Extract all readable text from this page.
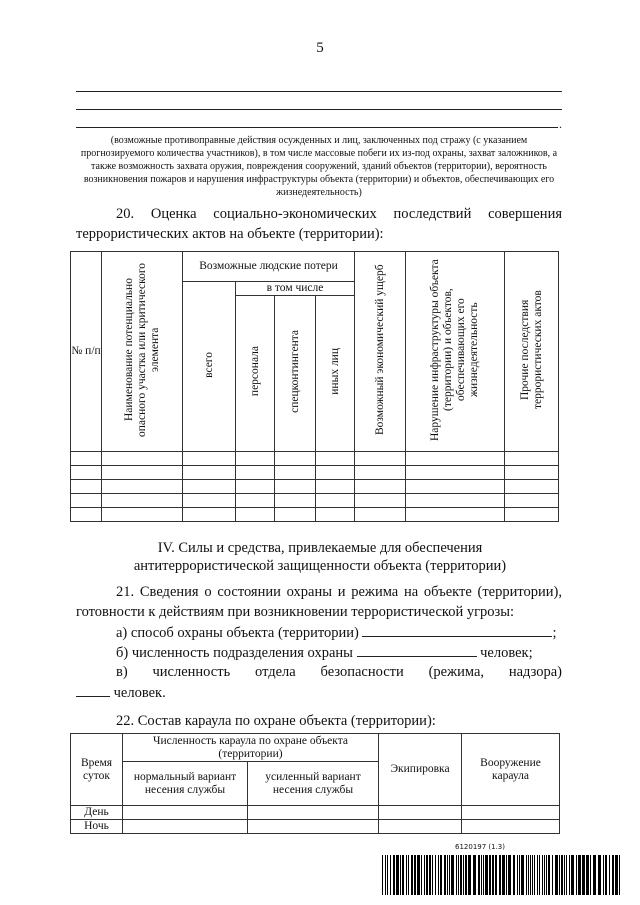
5
.
(возможные противоправные действия осужденных и лиц, заключенных под стражу (с указанием прогнозируемого количества участников), в том числе массовые побеги их из-под охраны, захват заложников, а также возможность захвата оружия, повреждения сооружений, зданий объектов (территории), вероятность возникновения пожаров и нарушения инфраструктуры объекта (территории) и объектов, обеспечивающих его жизнедеятельность)
20. Оценка социально-экономических последствий совершения
террористических актов на объекте (территории):
№ п/п	Наименование потенциально опасного участка или критического элемента	Возможные людские потери				Возможный экономический ущерб	Нарушение инфраструктуры объекта (территории) и объектов, обеспечивающих его жизнедеятельность	Прочие последствия террористических актов
		всего	в том числе					
			персонала	спецконтингента	иных лиц			

IV. Силы и средства, привлекаемые для обеспечения
антитеррористической защищенности объекта (территории)
21. Сведения о состоянии охраны и режима на объекте (территории),
готовности к действиям при возникновении террористической угрозы:
а) способ охраны объекта (территории)	;
б) численность подразделения охраны	человек;
в) численность отдела безопасности (режима, надзора)
человек.
22. Состав караула по охране объекта (территории):
Время суток	Численность караула по охране объекта (территории)		Экипировка	Вооружение караула
	нормальный вариант несения службы	усиленный вариант несения службы		
День				
Ночь				
6120197 (1.3)
